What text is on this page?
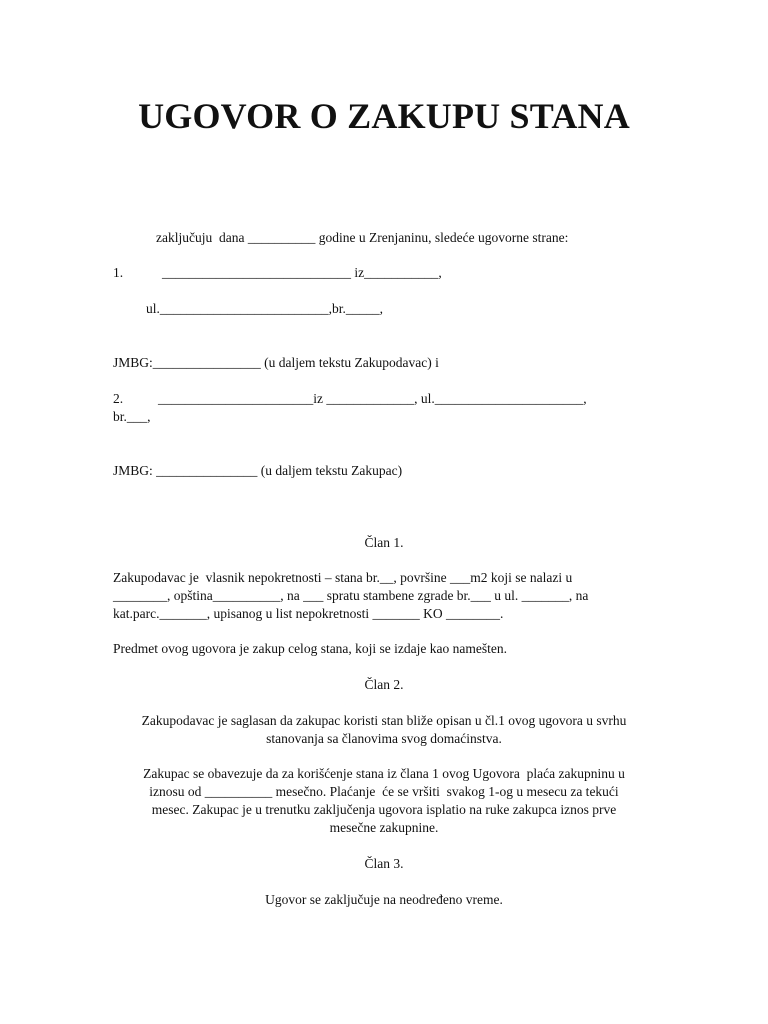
UGOVOR O ZAKUPU STANA
zaključuju  dana __________ godine u Zrenjaninu, sledeće ugovorne strane:
1.	____________________________ iz___________,
ul._________________________,br._____,
JMBG:________________ (u daljem tekstu Zakupodavac) i
2.	_______________________iz _____________, ul.______________________,
br.___,
JMBG: _______________ (u daljem tekstu Zakupac)
Član 1.
Zakupodavac je  vlasnik nepokretnosti – stana br.__, površine ___m2 koji se nalazi u
________, opština__________, na ___ spratu stambene zgrade br.___ u ul. _______, na
kat.parc._______, upisanog u list nepokretnosti _______ KO ________.
Predmet ovog ugovora je zakup celog stana, koji se izdaje kao namešten.
Član 2.
Zakupodavac je saglasan da zakupac koristi stan bliže opisan u čl.1 ovog ugovora u svrhu
stanovanja sa članovima svog domaćinstva.
Zakupac se obavezuje da za korišćenje stana iz člana 1 ovog Ugovora  plaća zakupninu u
iznosu od __________ mesečno. Plaćanje  će se vršiti  svakog 1-og u mesecu za tekući
mesec. Zakupac je u trenutku zaključenja ugovora isplatio na ruke zakupca iznos prve
mesečne zakupnine.
Član 3.
Ugovor se zaključuje na neodređeno vreme.
